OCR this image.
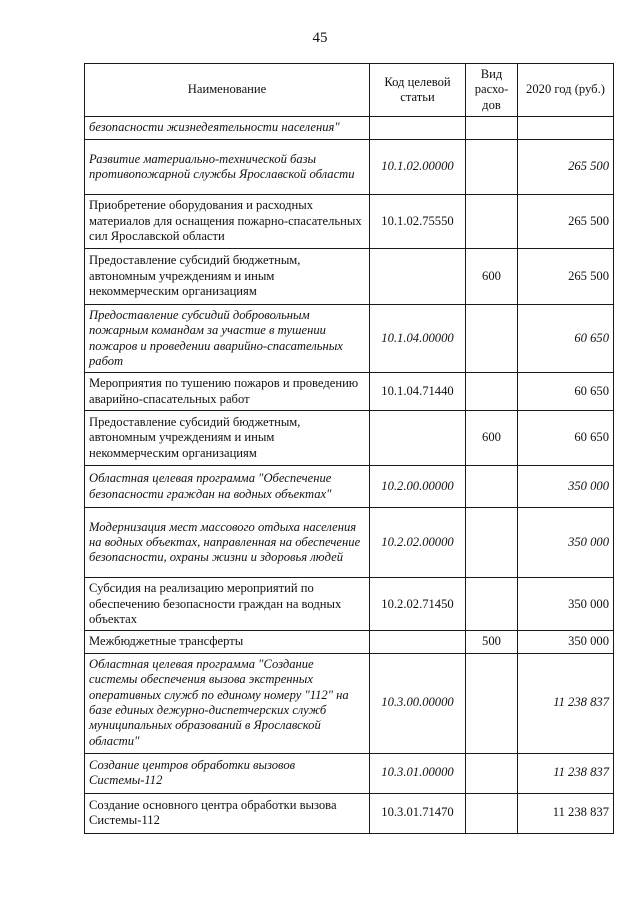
45
Наименование	Код целевой статьи	Вид расхо-дов	2020 год (руб.)
безопасности жизнедеятельности населения"			
Развитие материально-технической базы противопожарной службы Ярославской области	10.1.02.00000		265 500
Приобретение оборудования и расходных материалов для оснащения пожарно-спасательных сил Ярославской области	10.1.02.75550		265 500
Предоставление субсидий бюджетным, автономным учреждениям и иным некоммерческим организациям		600	265 500
Предоставление субсидий добровольным пожарным командам за участие в тушении пожаров и проведении аварийно-спасательных работ	10.1.04.00000		60 650
Мероприятия по тушению пожаров и проведению аварийно-спасательных работ	10.1.04.71440		60 650
Предоставление субсидий бюджетным, автономным учреждениям и иным некоммерческим организациям		600	60 650
Областная целевая программа "Обеспечение безопасности граждан на водных объектах"	10.2.00.00000		350 000
Модернизация мест массового отдыха населения на водных объектах, направленная на обеспечение безопасности, охраны жизни и здоровья людей	10.2.02.00000		350 000
Субсидия на реализацию мероприятий по обеспечению безопасности граждан на водных объектах	10.2.02.71450		350 000
Межбюджетные трансферты		500	350 000
Областная целевая программа "Создание системы обеспечения вызова экстренных оперативных служб по единому номеру "112" на базе единых дежурно-диспетчерских служб муниципальных образований в Ярославской области"	10.3.00.00000		11 238 837
Создание центров обработки вызовов Системы-112	10.3.01.00000		11 238 837
Создание основного центра обработки вызова Системы-112	10.3.01.71470		11 238 837
